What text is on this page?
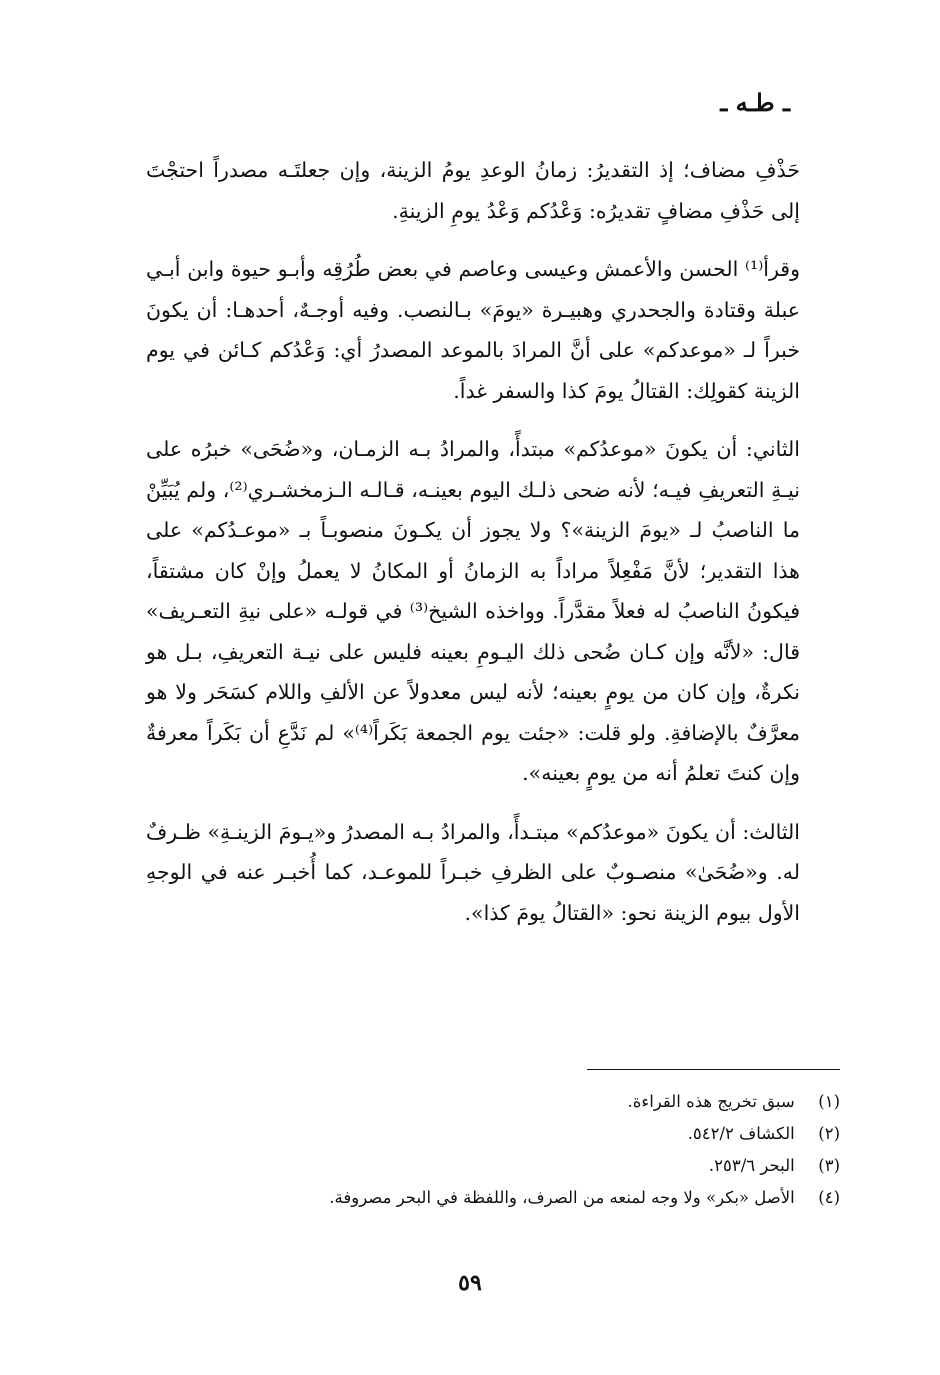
ـ طـه ـ

حَذْفِ مضاف؛ إذ التقديرُ: زمانُ الوعدِ يومُ الزينة، وإن جعلتَـه مصدراً احتجْتَ إلى حَذْفِ مضافٍ تقديرُه: وَعْدُكم وَعْدُ يومِ الزينةِ.

وقرأ⁽¹⁾ الحسن والأعمش وعيسى وعاصم في بعض طُرُقِه وأبـو حيوة وابن أبـي عبلة وقتادة والجحدري وهبيـرة «يومَ» بـالنصب. وفيه أوجـهٌ، أحدهـا: أن يكونَ خبراً لـ «موعدكم» على أنَّ المرادَ بالموعد المصدرُ أي: وَعْدُكم كـائن في يوم الزينة كقولِك: القتالُ يومَ كذا والسفر غداً.

الثاني: أن يكونَ «موعدُكم» مبتدأً، والمرادُ بـه الزمـان، و«ضُحَى» خبرُه على نيـةِ التعريفِ فيـه؛ لأنه ضحى ذلـك اليوم بعينـه، قـالـه الـزمخشـري⁽²⁾، ولم يُبَيِّنْ ما الناصبُ لـ «يومَ الزينة»؟ ولا يجوز أن يكـونَ منصوبـاً بـ «موعـدُكم» على هذا التقدير؛ لأنَّ مَفْعِلاً مراداً به الزمانُ أو المكانُ لا يعملُ وإنْ كان مشتقاً، فيكونُ الناصبُ له فعلاً مقدَّراً. وواخذه الشيخ⁽³⁾ في قولـه «على نيةِ التعـريف» قال: «لأنَّه وإن كـان ضُحى ذلك اليـومِ بعينه فليس على نيـة التعريفِ، بـل هو نكرةٌ، وإن كان من يومٍ بعينه؛ لأنه ليس معدولاً عن الألفِ واللام كسَحَر ولا هو معرَّفٌ بالإضافةِ. ولو قلت: «جئت يوم الجمعة بَكَراً⁽⁴⁾» لم نَدَّعِ أن بَكَراً معرفةٌ وإن كنتَ تعلمُ أنه من يومٍ بعينه».

الثالث: أن يكونَ «موعدُكم» مبتـدأً، والمرادُ بـه المصدرُ و«يـومَ الزينـةِ» ظـرفٌ له. و«ضُحَىٰ» منصـوبٌ على الظرفِ خبـراً للموعـد، كما أُخبـر عنه في الوجهِ الأول بيوم الزينة نحو: «القتالُ يومَ كذا».

(١) سبق تخريج هذه القراءة.
(٢) الكشاف ٥٤٢/٢.
(٣) البحر ٢٥٣/٦.
(٤) الأصل «بكر» ولا وجه لمنعه من الصرف، واللفظة في البحر مصروفة.
٥٩
